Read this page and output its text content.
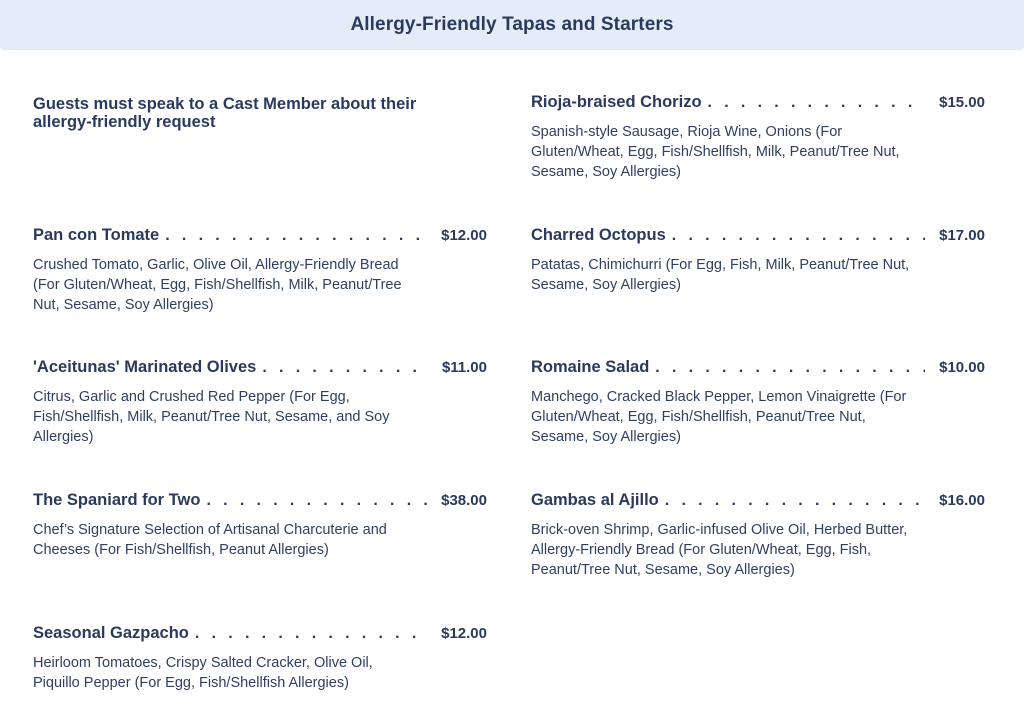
Allergy-Friendly Tapas and Starters
Guests must speak to a Cast Member about their allergy-friendly request
Pan con Tomate . . .	$12.00
Crushed Tomato, Garlic, Olive Oil, Allergy-Friendly Bread (For Gluten/Wheat, Egg, Fish/Shellfish, Milk, Peanut/Tree Nut, Sesame, Soy Allergies)
'Aceitunas' Marinated Olives . . .	$11.00
Citrus, Garlic and Crushed Red Pepper (For Egg, Fish/Shellfish, Milk, Peanut/Tree Nut, Sesame, and Soy Allergies)
The Spaniard for Two . . .	$38.00
Chef’s Signature Selection of Artisanal Charcuterie and Cheeses (For Fish/Shellfish, Peanut Allergies)
Seasonal Gazpacho . . .	$12.00
Heirloom Tomatoes, Crispy Salted Cracker, Olive Oil, Piquillo Pepper (For Egg, Fish/Shellfish Allergies)
Rioja-braised Chorizo . . .	$15.00
Spanish-style Sausage, Rioja Wine, Onions (For Gluten/Wheat, Egg, Fish/Shellfish, Milk, Peanut/Tree Nut, Sesame, Soy Allergies)
Charred Octopus . . .	$17.00
Patatas, Chimichurri (For Egg, Fish, Milk, Peanut/Tree Nut, Sesame, Soy Allergies)
Romaine Salad . . .	$10.00
Manchego, Cracked Black Pepper, Lemon Vinaigrette (For Gluten/Wheat, Egg, Fish/Shellfish, Peanut/Tree Nut, Sesame, Soy Allergies)
Gambas al Ajillo . . .	$16.00
Brick-oven Shrimp, Garlic-infused Olive Oil, Herbed Butter, Allergy-Friendly Bread (For Gluten/Wheat, Egg, Fish, Peanut/Tree Nut, Sesame, Soy Allergies)
